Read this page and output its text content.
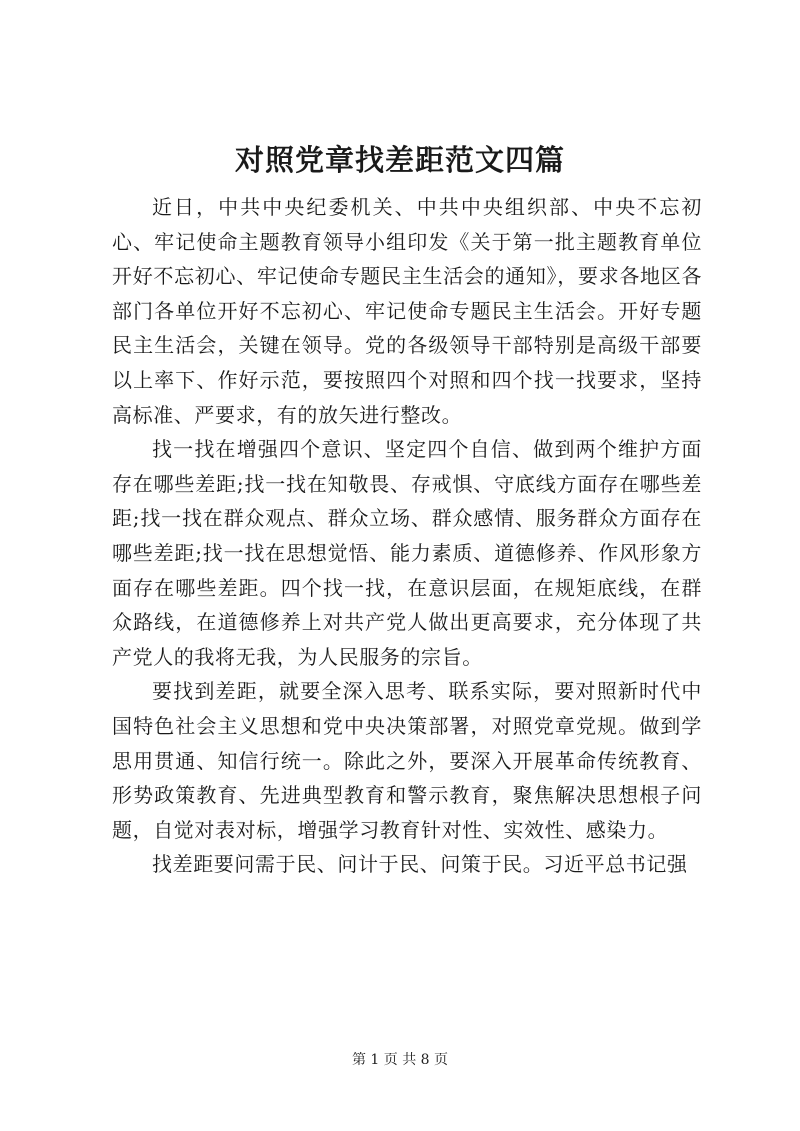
对照党章找差距范文四篇

近日，中共中央纪委机关、中共中央组织部、中央不忘初心、牢记使命主题教育领导小组印发《关于第一批主题教育单位开好不忘初心、牢记使命专题民主生活会的通知》，要求各地区各部门各单位开好不忘初心、牢记使命专题民主生活会。开好专题民主生活会，关键在领导。党的各级领导干部特别是高级干部要以上率下、作好示范，要按照四个对照和四个找一找要求，坚持高标准、严要求，有的放矢进行整改。

找一找在增强四个意识、坚定四个自信、做到两个维护方面存在哪些差距;找一找在知敬畏、存戒惧、守底线方面存在哪些差距;找一找在群众观点、群众立场、群众感情、服务群众方面存在哪些差距;找一找在思想觉悟、能力素质、道德修养、作风形象方面存在哪些差距。四个找一找，在意识层面，在规矩底线，在群众路线，在道德修养上对共产党人做出更高要求，充分体现了共产党人的我将无我，为人民服务的宗旨。

要找到差距，就要全深入思考、联系实际，要对照新时代中国特色社会主义思想和党中央决策部署，对照党章党规。做到学思用贯通、知信行统一。除此之外，要深入开展革命传统教育、形势政策教育、先进典型教育和警示教育，聚焦解决思想根子问题，自觉对表对标，增强学习教育针对性、实效性、感染力。

找差距要问需于民、问计于民、问策于民。习近平总书记强

第 1 页 共 8 页
